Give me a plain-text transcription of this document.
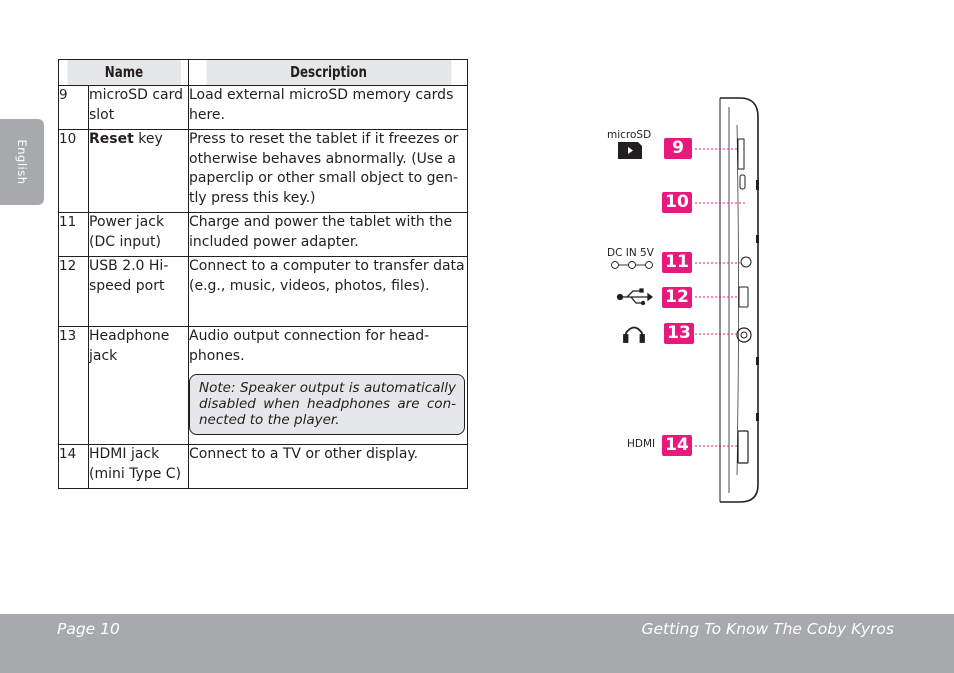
English
Name		Description
9	microSD card slot	Load external microSD memory cards here.
10	Reset key	Press to reset the tablet if it freezes or otherwise behaves abnormally. (Use a paperclip or other small object to gen-tly press this key.)
11	Power jack (DC input)	Charge and power the tablet with the included power adapter.
12	USB 2.0 Hi-speed port	Connect to a computer to transfer data (e.g., music, videos, photos, files).
13	Headphone jack	Audio output connection for head-phones.
Note: Speaker output is automatically disabled when headphones are con-nected to the player.

14	HDMI jack (mini Type C)	Connect to a TV or other display.
microSD
DC IN 5V
HDMI
9
10
11
12
13
14
Page 10	Getting To Know The Coby Kyros
